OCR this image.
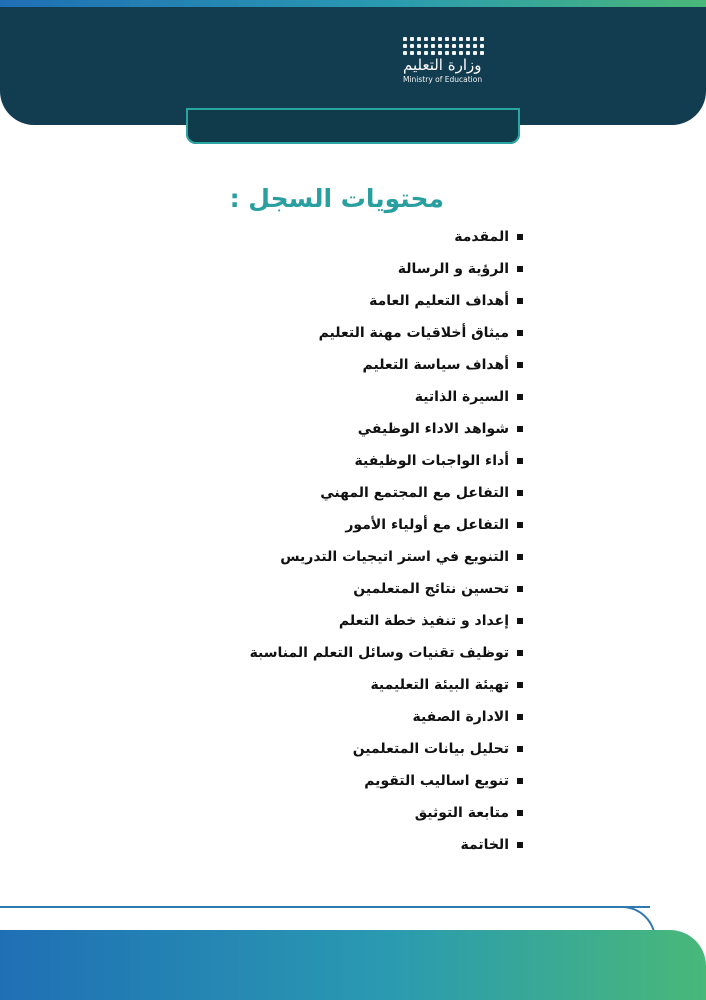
وزارة التعليم
Ministry of Education
محتويات السجل :
المقدمة
الرؤية و الرسالة
أهداف التعليم العامة
ميثاق أخلاقيات مهنة التعليم
أهداف سياسة التعليم
السيرة الذاتية
شواهد الاداء الوظيفي
أداء الواجبات الوظيفية
التفاعل مع المجتمع المهني
التفاعل مع أولياء الأمور
التنويع في استر اتيجيات التدريس
تحسين نتائج المتعلمين
إعداد و تنفيذ خطة التعلم
توظيف تقنيات وسائل التعلم المناسبة
تهيئة البيئة التعليمية
الادارة الصفية
تحليل بيانات المتعلمين
تنويع اساليب التقويم
متابعة التوثيق
الخاتمة
